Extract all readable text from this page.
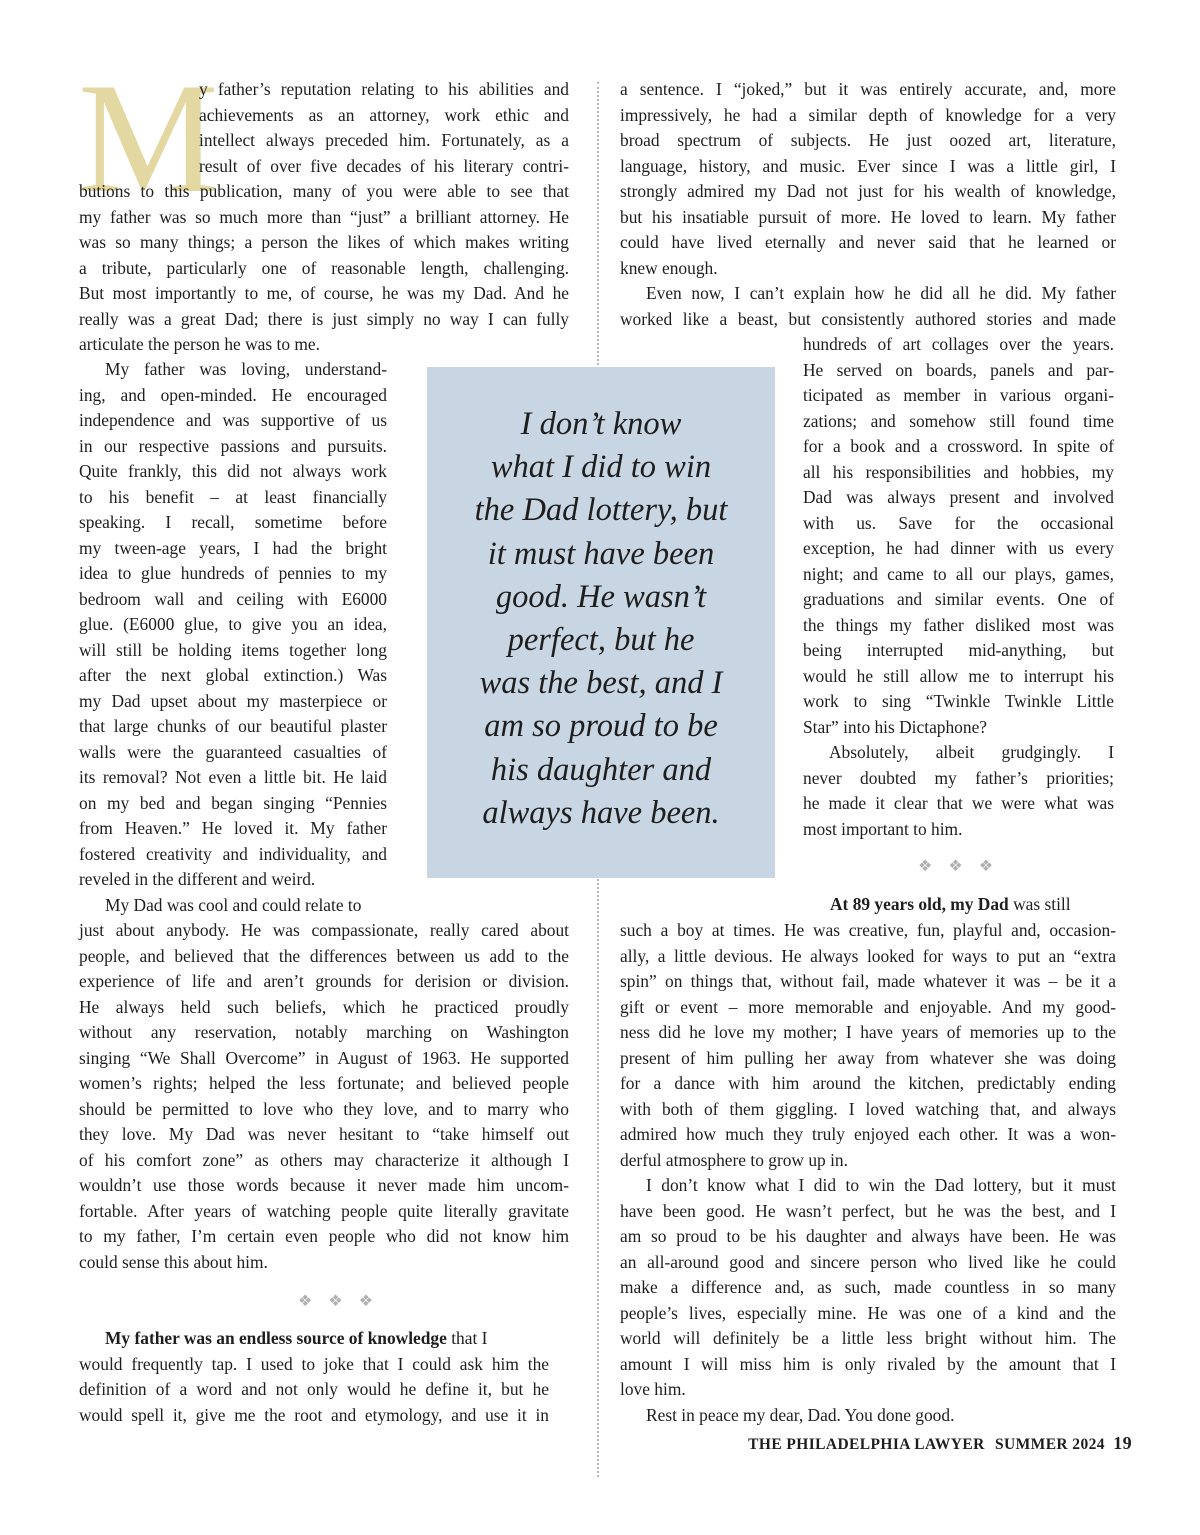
M
y father’s reputation relating to his abilities and
achievements as an attorney, work ethic and
intellect always preceded him. Fortunately, as a
result of over five decades of his literary contri-
butions to this publication, many of you were able to see that
my father was so much more than “just” a brilliant attorney. He
was so many things; a person the likes of which makes writing
a tribute, particularly one of reasonable length, challenging.
But most importantly to me, of course, he was my Dad. And he
really was a great Dad; there is just simply no way I can fully
articulate the person he was to me.
My father was loving, understand-
ing, and open-minded. He encouraged
independence and was supportive of us
in our respective passions and pursuits.
Quite frankly, this did not always work
to his benefit – at least financially
speaking. I recall, sometime before
my tween-age years, I had the bright
idea to glue hundreds of pennies to my
bedroom wall and ceiling with E6000
glue. (E6000 glue, to give you an idea,
will still be holding items together long
after the next global extinction.) Was
my Dad upset about my masterpiece or
that large chunks of our beautiful plaster
walls were the guaranteed casualties of
its removal? Not even a little bit. He laid
on my bed and began singing “Pennies
from Heaven.” He loved it. My father
fostered creativity and individuality, and
reveled in the different and weird.
My Dad was cool and could relate to
just about anybody. He was compassionate, really cared about
people, and believed that the differences between us add to the
experience of life and aren’t grounds for derision or division.
He always held such beliefs, which he practiced proudly
without any reservation, notably marching on Washington
singing “We Shall Overcome” in August of 1963. He supported
women’s rights; helped the less fortunate; and believed people
should be permitted to love who they love, and to marry who
they love. My Dad was never hesitant to “take himself out
of his comfort zone” as others may characterize it although I
wouldn’t use those words because it never made him uncom-
fortable. After years of watching people quite literally gravitate
to my father, I’m certain even people who did not know him
could sense this about him.
❖ ❖ ❖
My father was an endless source of knowledge that I
would frequently tap. I used to joke that I could ask him the
definition of a word and not only would he define it, but he
would spell it, give me the root and etymology, and use it in
I don’t know
what I did to win
the Dad lottery, but
it must have been
good. He wasn’t
perfect, but he
was the best, and I
am so proud to be
his daughter and
always have been.
a sentence. I “joked,” but it was entirely accurate, and, more
impressively, he had a similar depth of knowledge for a very
broad spectrum of subjects. He just oozed art, literature,
language, history, and music. Ever since I was a little girl, I
strongly admired my Dad not just for his wealth of knowledge,
but his insatiable pursuit of more. He loved to learn. My father
could have lived eternally and never said that he learned or
knew enough.
Even now, I can’t explain how he did all he did. My father
worked like a beast, but consistently authored stories and made
hundreds of art collages over the years.
He served on boards, panels and par-
ticipated as member in various organi-
zations; and somehow still found time
for a book and a crossword. In spite of
all his responsibilities and hobbies, my
Dad was always present and involved
with us. Save for the occasional
exception, he had dinner with us every
night; and came to all our plays, games,
graduations and similar events. One of
the things my father disliked most was
being interrupted mid-anything, but
would he still allow me to interrupt his
work to sing “Twinkle Twinkle Little
Star” into his Dictaphone?
Absolutely, albeit grudgingly. I
never doubted my father’s priorities;
he made it clear that we were what was
most important to him.
❖ ❖ ❖
At 89 years old, my Dad was still
such a boy at times. He was creative, fun, playful and, occasion-
ally, a little devious. He always looked for ways to put an “extra
spin” on things that, without fail, made whatever it was – be it a
gift or event – more memorable and enjoyable. And my good-
ness did he love my mother; I have years of memories up to the
present of him pulling her away from whatever she was doing
for a dance with him around the kitchen, predictably ending
with both of them giggling. I loved watching that, and always
admired how much they truly enjoyed each other. It was a won-
derful atmosphere to grow up in.
I don’t know what I did to win the Dad lottery, but it must
have been good. He wasn’t perfect, but he was the best, and I
am so proud to be his daughter and always have been. He was
an all-around good and sincere person who lived like he could
make a difference and, as such, made countless in so many
people’s lives, especially mine. He was one of a kind and the
world will definitely be a little less bright without him. The
amount I will miss him is only rivaled by the amount that I
love him.
Rest in peace my dear, Dad. You done good.
THE PHILADELPHIA LAWYER SUMMER 2024 19
